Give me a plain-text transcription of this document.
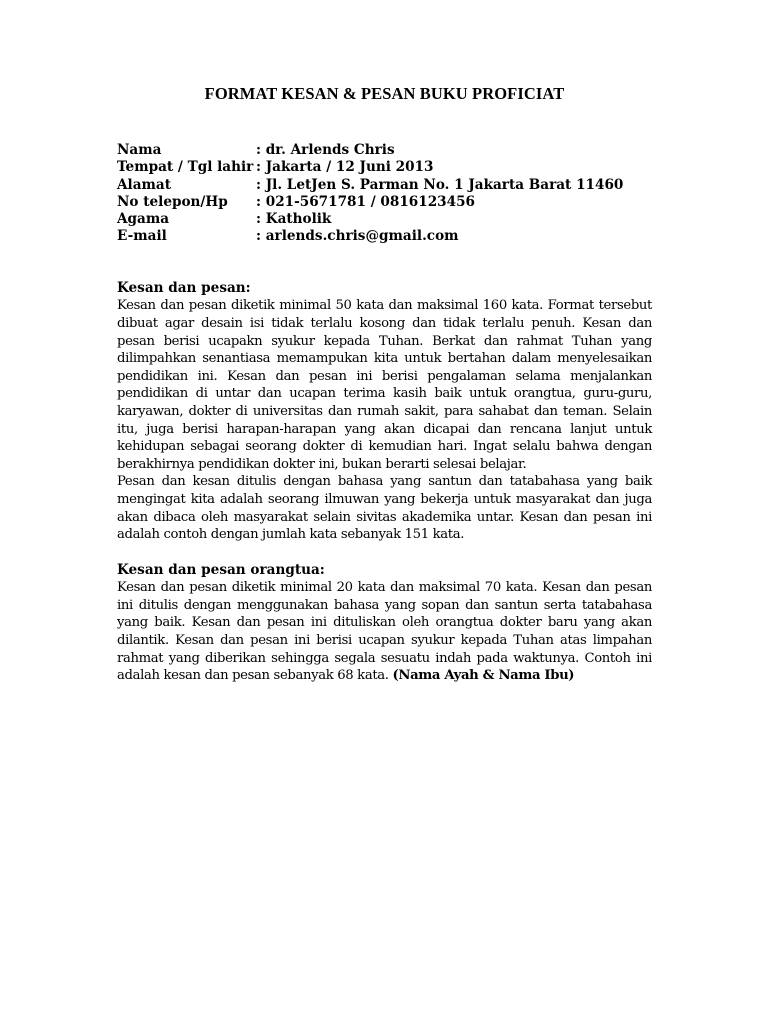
FORMAT KESAN & PESAN BUKU PROFICIAT
Nama	: dr. Arlends Chris
Tempat / Tgl lahir : Jakarta / 12 Juni 2013
Alamat	: Jl. LetJen S. Parman No. 1 Jakarta Barat 11460
No telepon/Hp	: 021-5671781 / 0816123456
Agama	: Katholik
E-mail	: arlends.chris@gmail.com
Kesan dan pesan:

Kesan dan pesan diketik minimal 50 kata dan maksimal 160 kata. Format tersebut dibuat agar desain isi tidak terlalu kosong dan tidak terlalu penuh. Kesan dan pesan berisi ucapakn syukur kepada Tuhan. Berkat dan rahmat Tuhan yang dilimpahkan senantiasa memampukan kita untuk bertahan dalam menyelesaikan pendidikan ini. Kesan dan pesan ini berisi pengalaman selama menjalankan pendidikan di untar dan ucapan terima kasih baik untuk orangtua, guru-guru, karyawan, dokter di universitas dan rumah sakit, para sahabat dan teman. Selain itu, juga berisi harapan-harapan yang akan dicapai dan rencana lanjut untuk kehidupan sebagai seorang dokter di kemudian hari. Ingat selalu bahwa dengan berakhirnya pendidikan dokter ini, bukan berarti selesai belajar.

Pesan dan kesan ditulis dengan bahasa yang santun dan tatabahasa yang baik mengingat kita adalah seorang ilmuwan yang bekerja untuk masyarakat dan juga akan dibaca oleh masyarakat selain sivitas akademika untar. Kesan dan pesan ini adalah contoh dengan jumlah kata sebanyak 151 kata.

Kesan dan pesan orangtua:

Kesan dan pesan diketik minimal 20 kata dan maksimal 70 kata. Kesan dan pesan ini ditulis dengan menggunakan bahasa yang sopan dan santun serta tatabahasa yang baik. Kesan dan pesan ini dituliskan oleh orangtua dokter baru yang akan dilantik. Kesan dan pesan ini berisi ucapan syukur kepada Tuhan atas limpahan rahmat yang diberikan sehingga segala sesuatu indah pada waktunya. Contoh ini adalah kesan dan pesan sebanyak 68 kata. (Nama Ayah & Nama Ibu)
